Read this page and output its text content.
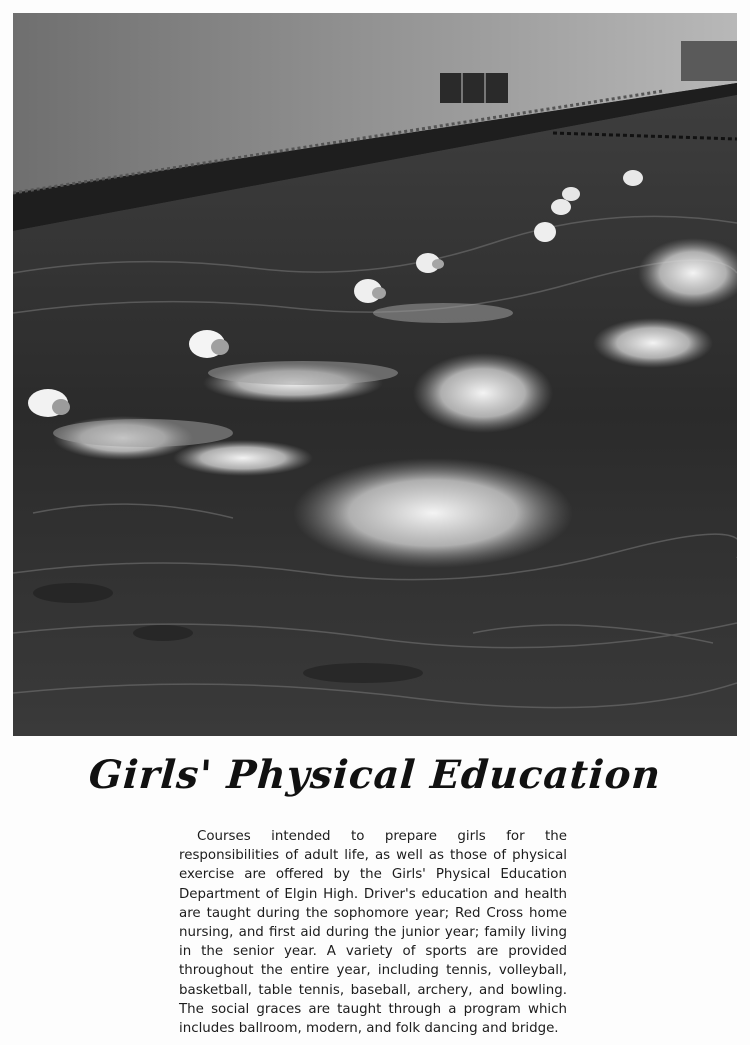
Girls' Physical Education

Courses intended to prepare girls for the responsibilities of adult life, as well as those of physical exercise are offered by the Girls' Physical Education Department of Elgin High. Driver's education and health are taught during the sophomore year; Red Cross home nursing, and first aid during the junior year; family living in the senior year. A variety of sports are provided throughout the entire year, including tennis, volleyball, basketball, table tennis, baseball, archery, and bowling. The social graces are taught through a program which includes ballroom, modern, and folk dancing and bridge.
